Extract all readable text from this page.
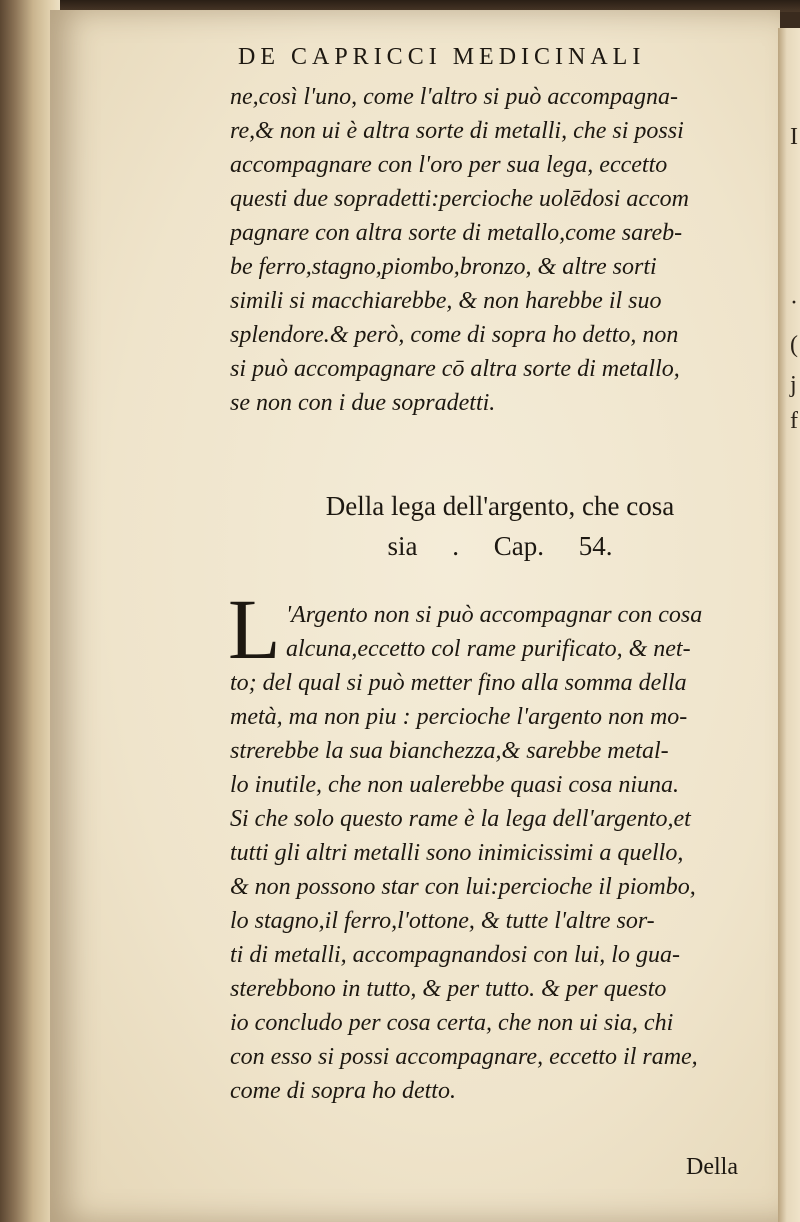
I
·
(
j
f
DE CAPRICCI MEDICINALI
ne,così l'uno, come l'altro si può accompagna-
re,& non ui è altra sorte di metalli, che si possi
accompagnare con l'oro per sua lega, eccetto
questi due sopradetti:percioche uolēdosi accom
pagnare con altra sorte di metallo,come sareb-
be ferro,stagno,piombo,bronzo, & altre sorti
simili si macchiarebbe, & non harebbe il suo
splendore.& però, come di sopra ho detto, non
si può accompagnare cō altra sorte di metallo,
se non con i due sopradetti.
Della lega dell'argento, che cosa
sia . Cap. 54.
L 'Argento non si può accompagnar con cosa
alcuna,eccetto col rame purificato, & net-
to; del qual si può metter fino alla somma della
metà, ma non piu : percioche l'argento non mo-
strerebbe la sua bianchezza,& sarebbe metal-
lo inutile, che non ualerebbe quasi cosa niuna.
Si che solo questo rame è la lega dell'argento,et
tutti gli altri metalli sono inimicissimi a quello,
& non possono star con lui:percioche il piombo,
lo stagno,il ferro,l'ottone, & tutte l'altre sor-
ti di metalli, accompagnandosi con lui, lo gua-
sterebbono in tutto, & per tutto. & per questo
io concludo per cosa certa, che non ui sia, chi
con esso si possi accompagnare, eccetto il rame,
come di sopra ho detto.
Della
